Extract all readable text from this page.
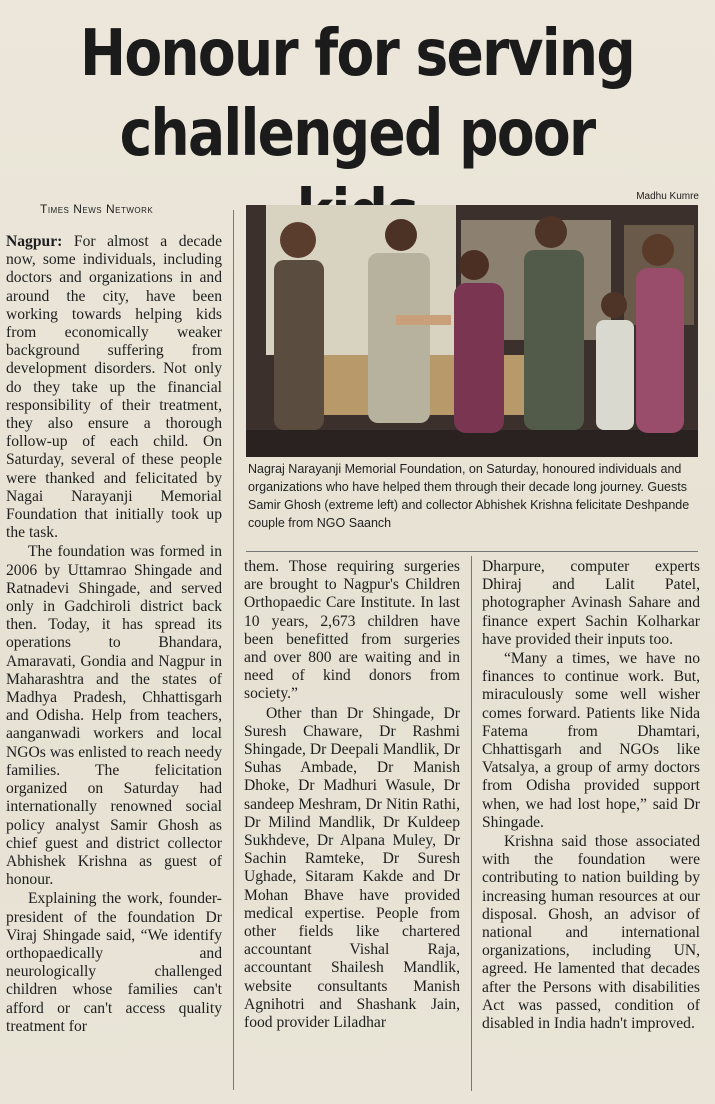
Honour for serving
challenged poor
Times News Network
Madhu Kumre
Nagraj Narayanji Memorial Foundation, on Saturday, honoured individuals and organizations who have helped them through their decade long journey. Guests Samir Ghosh (extreme left) and collector Abhishek Krishna felicitate Deshpande couple from NGO Saanch

Nagpur: For almost a decade now, some individuals, including doctors and organizations in and around the city, have been working towards helping kids from economically weaker background suffering from development disorders. Not only do they take up the financial responsibility of their treatment, they also ensure a thorough follow-up of each child. On Saturday, several of these people were thanked and felicitated by Nagai Narayanji Memorial Foundation that initially took up the task.

The foundation was formed in 2006 by Uttamrao Shingade and Ratnadevi Shingade, and served only in Gadchiroli district back then. Today, it has spread its operations to Bhandara, Amaravati, Gondia and Nagpur in Maharashtra and the states of Madhya Pradesh, Chhattisgarh and Odisha. Help from teachers, aanganwadi workers and local NGOs was enlisted to reach needy families. The felicitation organized on Saturday had internationally renowned social policy analyst Samir Ghosh as chief guest and district collector Abhishek Krishna as guest of honour.

Explaining the work, founder-president of the foundation Dr Viraj Shingade said, “We identify orthopaedically and neurologically challenged children whose families can't afford or can't access quality treatment for

them. Those requiring surgeries are brought to Nagpur's Children Orthopaedic Care Institute. In last 10 years, 2,673 children have been benefitted from surgeries and over 800 are waiting and in need of kind donors from society.”

Other than Dr Shingade, Dr Suresh Chaware, Dr Rashmi Shingade, Dr Deepali Mandlik, Dr Suhas Ambade, Dr Manish Dhoke, Dr Madhuri Wasule, Dr sandeep Meshram, Dr Nitin Rathi, Dr Milind Mandlik, Dr Kuldeep Sukhdeve, Dr Alpana Muley, Dr Sachin Ramteke, Dr Suresh Ughade, Sitaram Kakde and Dr Mohan Bhave have provided medical expertise. People from other fields like chartered accountant Vishal Raja, accountant Shailesh Mandlik, website consultants Manish Agnihotri and Shashank Jain, food provider Liladhar

Dharpure, computer experts Dhiraj and Lalit Patel, photographer Avinash Sahare and finance expert Sachin Kolharkar have provided their inputs too.

“Many a times, we have no finances to continue work. But, miraculously some well wisher comes forward. Patients like Nida Fatema from Dhamtari, Chhattisgarh and NGOs like Vatsalya, a group of army doctors from Odisha provided support when, we had lost hope,” said Dr Shingade.

Krishna said those associated with the foundation were contributing to nation building by increasing human resources at our disposal. Ghosh, an advisor of national and international organizations, including UN, agreed. He lamented that decades after the Persons with disabilities Act was passed, condition of disabled in India hadn't improved.
